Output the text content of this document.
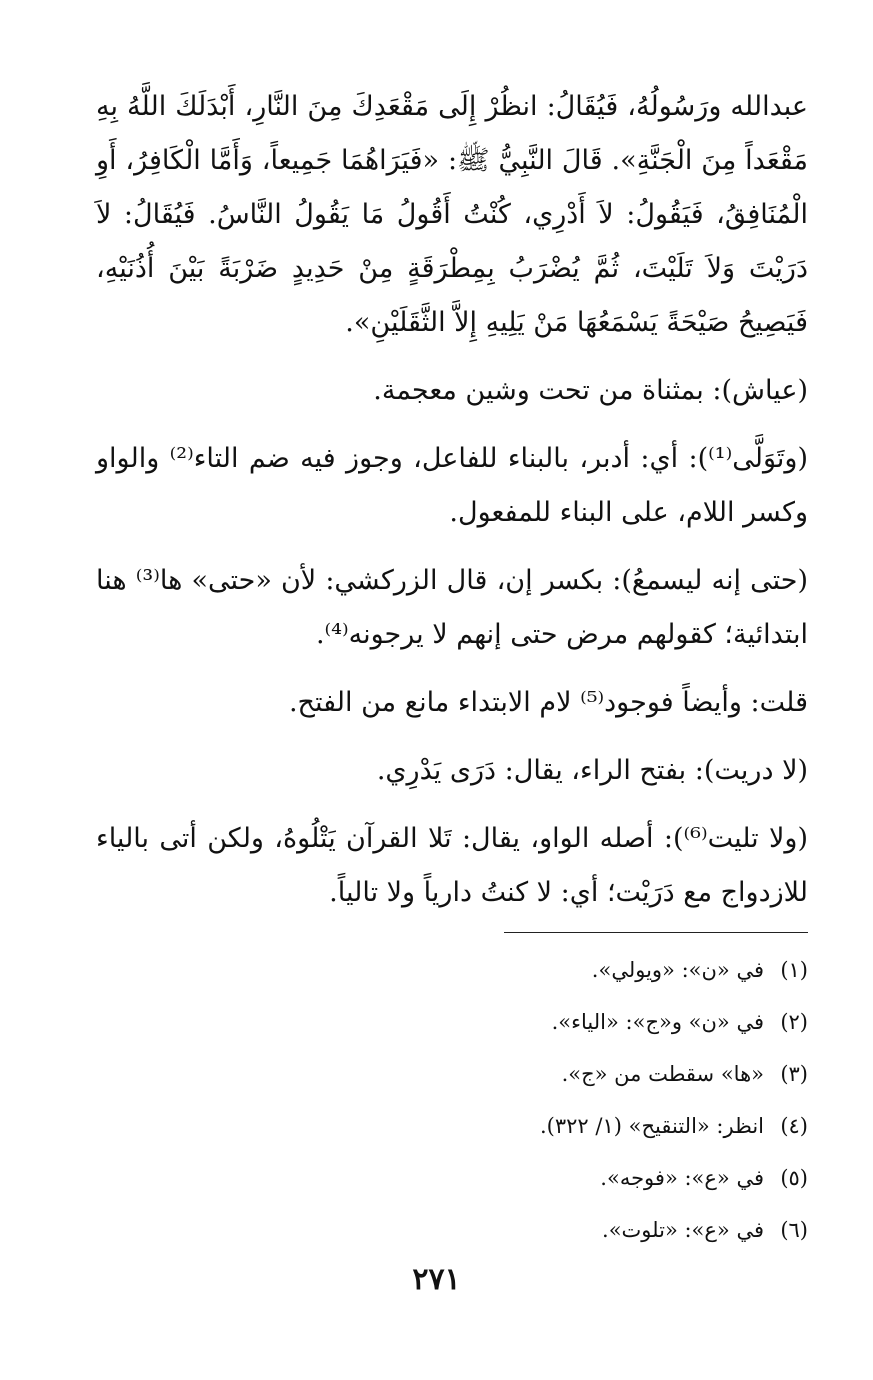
عبدالله ورَسُولُهُ، فَيُقَالُ: انظُرْ إِلَى مَقْعَدِكَ مِنَ النَّارِ، أَبْدَلَكَ اللَّهُ بِهِ مَقْعَداً مِنَ الْجَنَّةِ». قَالَ النَّبِيُّ ﷺ: «فَيَرَاهُمَا جَمِيعاً، وَأَمَّا الْكَافِرُ، أَوِ الْمُنَافِقُ، فَيَقُولُ: لاَ أَدْرِي، كُنْتُ أَقُولُ مَا يَقُولُ النَّاسُ. فَيُقَالُ: لاَ دَرَيْتَ وَلاَ تَلَيْتَ، ثُمَّ يُضْرَبُ بِمِطْرَقَةٍ مِنْ حَدِيدٍ ضَرْبَةً بَيْنَ أُذُنَيْهِ، فَيَصِيحُ صَيْحَةً يَسْمَعُهَا مَنْ يَلِيهِ إِلاَّ الثَّقَلَيْنِ».

(عياش): بمثناة من تحت وشين معجمة.

(وتَوَلَّى⁽¹⁾): أي: أدبر، بالبناء للفاعل، وجوز فيه ضم التاء⁽²⁾ والواو وكسر اللام، على البناء للمفعول.

(حتى إنه ليسمعُ): بكسر إن، قال الزركشي: لأن «حتى» ها⁽³⁾ هنا ابتدائية؛ كقولهم مرض حتى إنهم لا يرجونه⁽⁴⁾.

قلت: وأيضاً فوجود⁽⁵⁾ لام الابتداء مانع من الفتح.

(لا دريت): بفتح الراء، يقال: دَرَى يَدْرِي.

(ولا تليت⁽⁶⁾): أصله الواو، يقال: تَلا القرآن يَتْلُوهُ، ولكن أتى بالياء للازدواج مع دَرَيْت؛ أي: لا كنتُ دارياً ولا تالياً.

(١)في «ن»: «ويولي».
(٢)في «ن» و«ج»: «الياء».
(٣)«ها» سقطت من «ج».
(٤)انظر: «التنقيح» (١/ ٣٢٢).
(٥)في «ع»: «فوجه».
(٦)في «ع»: «تلوت».
٢٧١
